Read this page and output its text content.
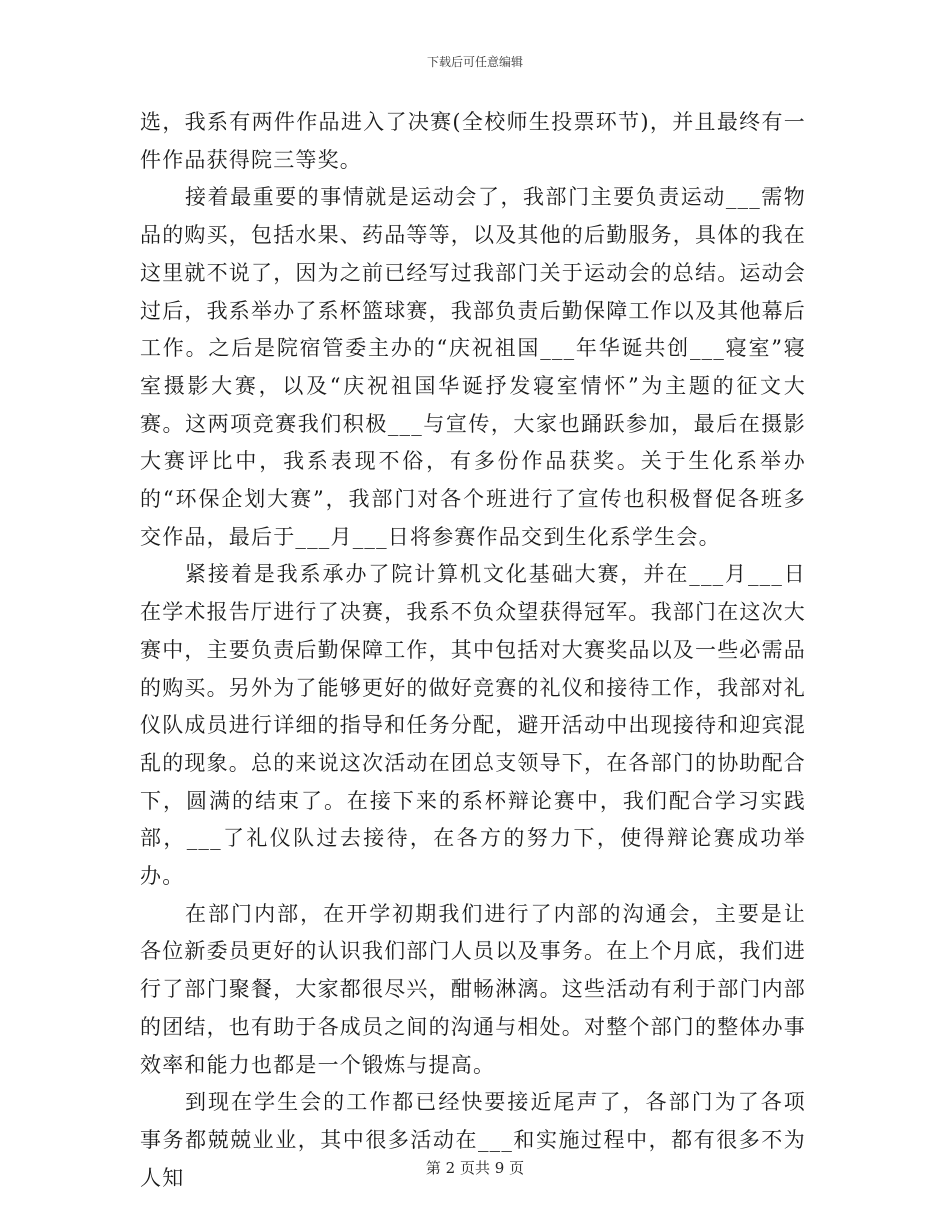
下载后可任意编辑

选，我系有两件作品进入了决赛(全校师生投票环节)，并且最终有一件作品获得院三等奖。

接着最重要的事情就是运动会了，我部门主要负责运动___需物品的购买，包括水果、药品等等，以及其他的后勤服务，具体的我在这里就不说了，因为之前已经写过我部门关于运动会的总结。运动会过后，我系举办了系杯篮球赛，我部负责后勤保障工作以及其他幕后工作。之后是院宿管委主办的“庆祝祖国___年华诞共创___寝室”寝室摄影大赛，以及“庆祝祖国华诞抒发寝室情怀”为主题的征文大赛。这两项竞赛我们积极___与宣传，大家也踊跃参加，最后在摄影大赛评比中，我系表现不俗，有多份作品获奖。关于生化系举办的“环保企划大赛”，我部门对各个班进行了宣传也积极督促各班多交作品，最后于___月___日将参赛作品交到生化系学生会。

紧接着是我系承办了院计算机文化基础大赛，并在___月___日在学术报告厅进行了决赛，我系不负众望获得冠军。我部门在这次大赛中，主要负责后勤保障工作，其中包括对大赛奖品以及一些必需品的购买。另外为了能够更好的做好竞赛的礼仪和接待工作，我部对礼仪队成员进行详细的指导和任务分配，避开活动中出现接待和迎宾混乱的现象。总的来说这次活动在团总支领导下，在各部门的协助配合下，圆满的结束了。在接下来的系杯辩论赛中，我们配合学习实践部，___了礼仪队过去接待，在各方的努力下，使得辩论赛成功举办。

在部门内部，在开学初期我们进行了内部的沟通会，主要是让各位新委员更好的认识我们部门人员以及事务。在上个月底，我们进行了部门聚餐，大家都很尽兴，酣畅淋漓。这些活动有利于部门内部的团结，也有助于各成员之间的沟通与相处。对整个部门的整体办事效率和能力也都是一个锻炼与提高。

到现在学生会的工作都已经快要接近尾声了，各部门为了各项事务都兢兢业业，其中很多活动在___和实施过程中，都有很多不为人知	第 2 页共 9 页
